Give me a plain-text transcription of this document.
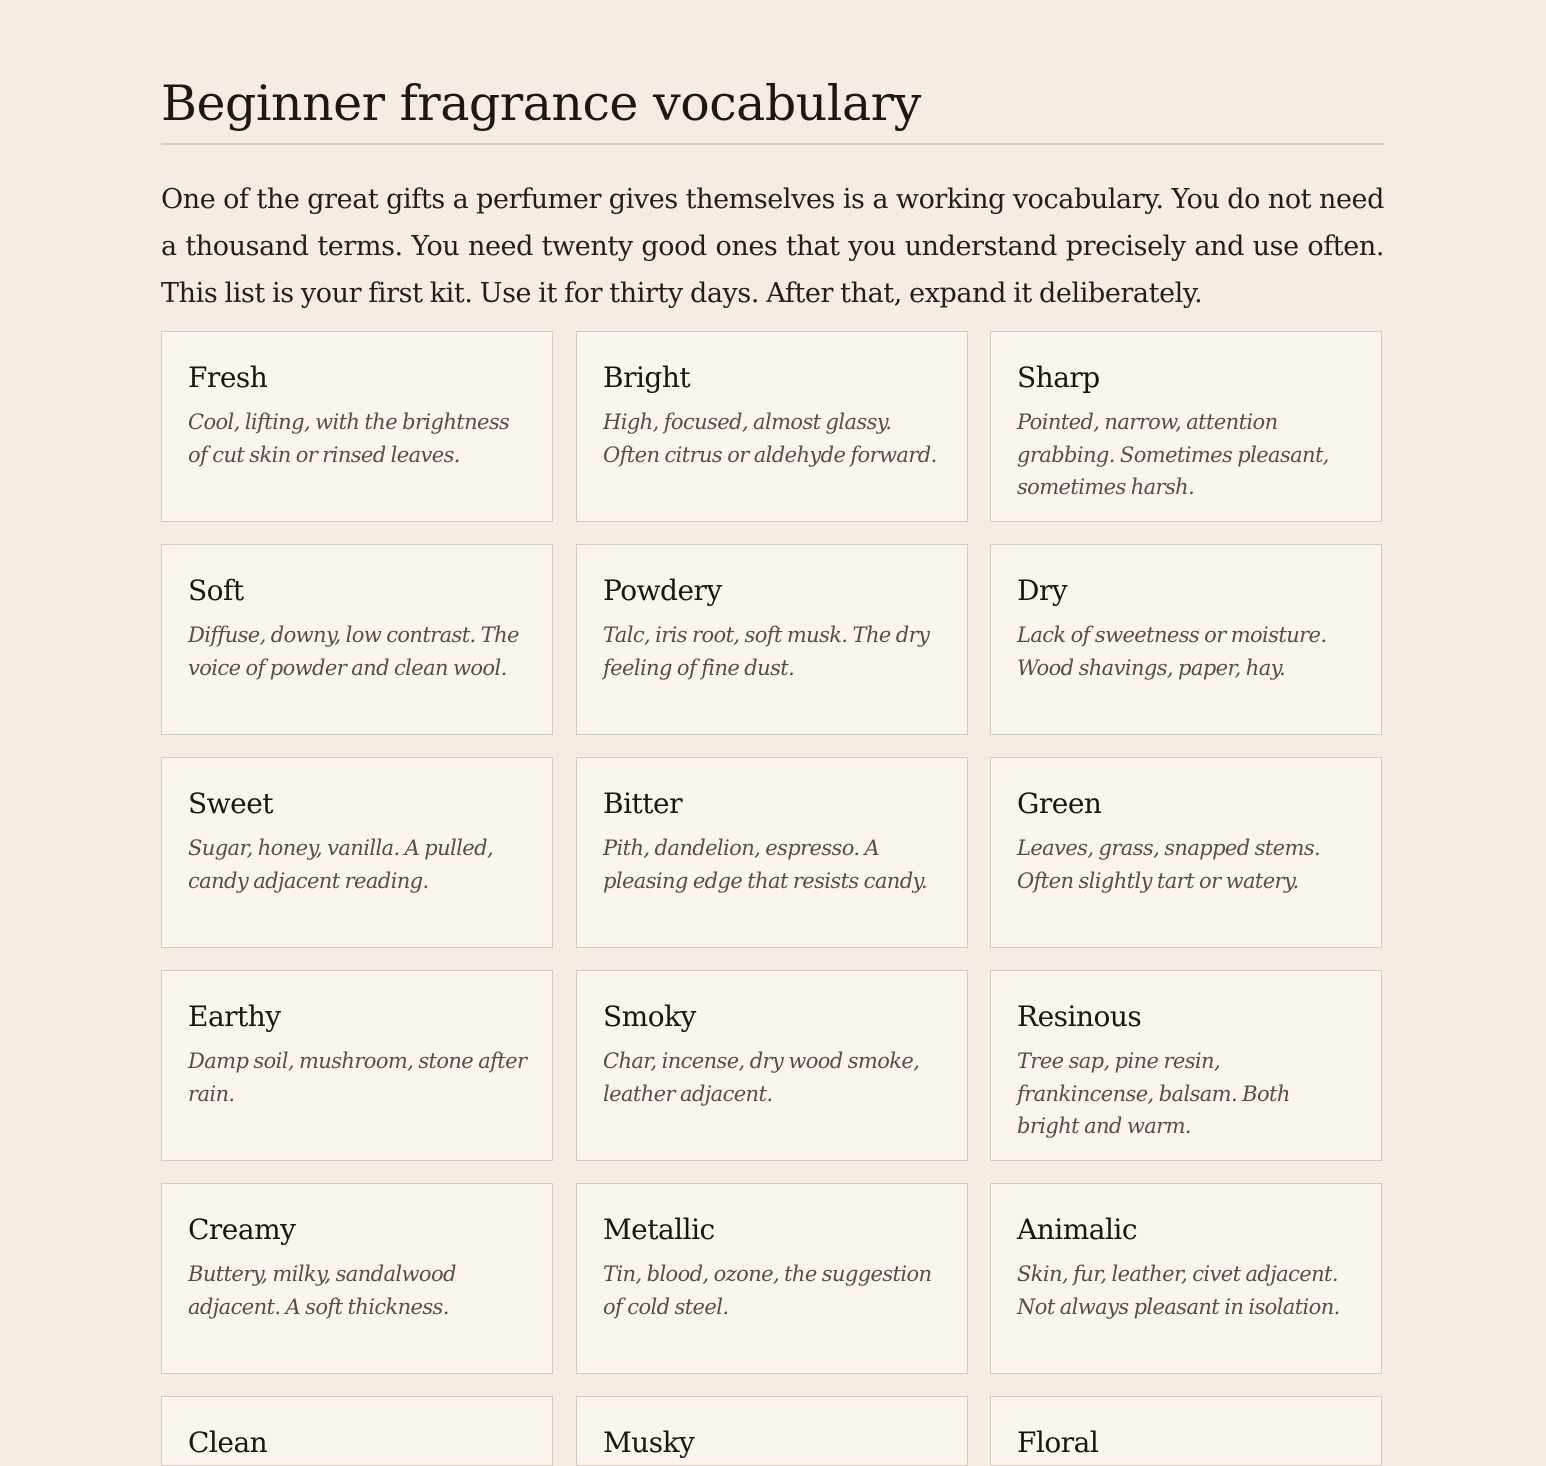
Beginner fragrance vocabulary

One of the great gifts a perfumer gives themselves is a working vocabulary. You do not need a thousand terms. You need twenty good ones that you understand precisely and use often. This list is your first kit. Use it for thirty days. After that, expand it deliberately.

Fresh
Cool, lifting, with the brightness of cut skin or rinsed leaves.
Bright
High, focused, almost glassy. Often citrus or aldehyde forward.
Sharp
Pointed, narrow, attention grabbing. Sometimes pleasant, sometimes harsh.
Soft
Diffuse, downy, low contrast. The voice of powder and clean wool.
Powdery
Talc, iris root, soft musk. The dry feeling of fine dust.
Dry
Lack of sweetness or moisture. Wood shavings, paper, hay.
Sweet
Sugar, honey, vanilla. A pulled, candy adjacent reading.
Bitter
Pith, dandelion, espresso. A pleasing edge that resists candy.
Green
Leaves, grass, snapped stems. Often slightly tart or watery.
Earthy
Damp soil, mushroom, stone after rain.
Smoky
Char, incense, dry wood smoke, leather adjacent.
Resinous
Tree sap, pine resin, frankincense, balsam. Both bright and warm.
Creamy
Buttery, milky, sandalwood adjacent. A soft thickness.
Metallic
Tin, blood, ozone, the suggestion of cold steel.
Animalic
Skin, fur, leather, civet adjacent. Not always pleasant in isolation.
Clean	Musky	Floral
